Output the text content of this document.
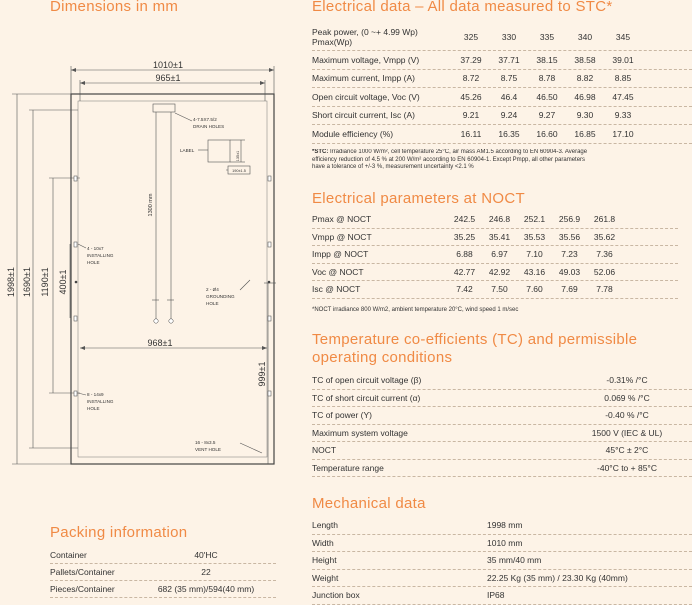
Dimensions in mm
1010±1
965±1
968±1
1998±1 1690±1 1190±1 400±1
999±1
1300 mm
4-7.5X7.5/2
DRAIN HOLES
LABEL
135±1
190±1.5
4 - 10x7
INSTALLING
HOLE
2 - Ø4
GROUNDING
HOLE
8 - 14x9
INSTALLING
HOLE
16 - 8x3.5
VENT HOLE
Packing information
Container	40'HC
Pallets/Container	22
Pieces/Container	682 (35 mm)/594(40 mm)
Electrical data – All data measured to STC*
Peak power, (0 ~+ 4.99 Wp) Pmax(Wp)	325	330	335	340	345
Maximum voltage, Vmpp (V)	37.29	37.71	38.15	38.58	39.01
Maximum current, Impp (A)	8.72	8.75	8.78	8.82	8.85
Open circuit voltage, Voc (V)	45.26	46.4	46.50	46.98	47.45
Short circuit current, Isc (A)	9.21	9.24	9.27	9.30	9.33
Module efficiency (%)	16.11	16.35	16.60	16.85	17.10
*STC: Irradiance 1000 W/m², cell temperature 25°C, air mass AM1.5 according to EN 60904-3. Average
efficiency reduction of 4.5 % at 200 W/m² according to EN 60904-1. Except Pmpp, all other parameters
have a tolerance of +/-3 %, measurement uncertainty <2.1 %
Electrical parameters at NOCT
Pmax @ NOCT	242.5	246.8	252.1	256.9	261.8
Vmpp @ NOCT	35.25	35.41	35.53	35.56	35.62
Impp @ NOCT	6.88	6.97	7.10	7.23	7.36
Voc @ NOCT	42.77	42.92	43.16	49.03	52.06
Isc @ NOCT	7.42	7.50	7.60	7.69	7.78
*NOCT irradiance 800 W/m2, ambient temperature 20°C, wind speed 1 m/sec
Temperature co-efficients (TC) and permissible
operating conditions
TC of open circuit voltage (β)	-0.31% /°C
TC of short circuit current (α)	0.069 % /°C
TC of power (Y)	-0.40 % /°C
Maximum system voltage	1500 V (IEC & UL)
NOCT	45°C ± 2°C
Temperature range	-40°C to + 85°C
Mechanical data
Length	1998 mm
Width	1010 mm
Height	35 mm/40 mm
Weight	22.25 Kg (35 mm) / 23.30 Kg (40mm)
Junction box	IP68
